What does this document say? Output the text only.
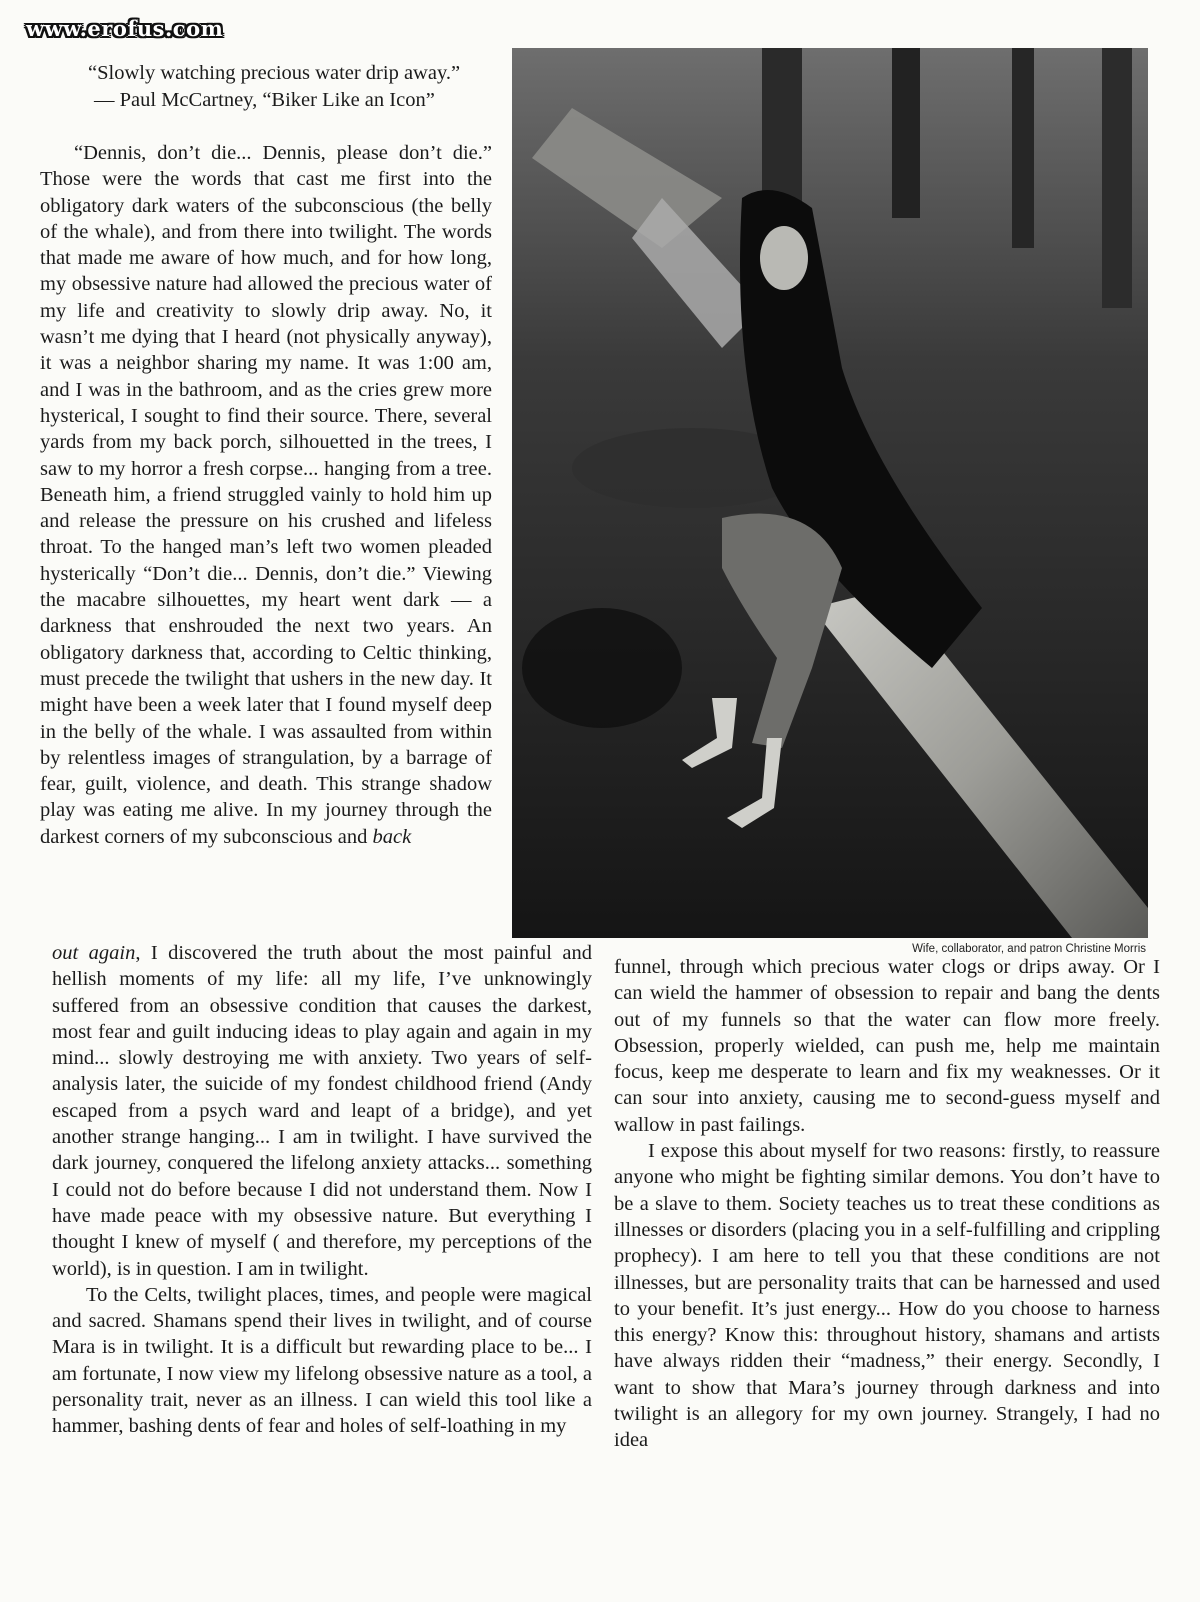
www.erofus.com
“Slowly watching precious water drip away.”
— Paul McCartney, “Biker Like an Icon”

“Dennis, don’t die... Dennis, please don’t die.” Those were the words that cast me first into the obligatory dark waters of the subconscious (the belly of the whale), and from there into twilight. The words that made me aware of how much, and for how long, my obsessive nature had allowed the precious water of my life and creativity to slowly drip away. No, it wasn’t me dying that I heard (not physically anyway), it was a neighbor sharing my name. It was 1:00 am, and I was in the bathroom, and as the cries grew more hysterical, I sought to find their source. There, several yards from my back porch, silhouetted in the trees, I saw to my horror a fresh corpse... hanging from a tree. Beneath him, a friend struggled vainly to hold him up and release the pressure on his crushed and lifeless throat. To the hanged man’s left two women pleaded hysterically “Don’t die... Dennis, don’t die.” Viewing the macabre silhouettes, my heart went dark — a darkness that enshrouded the next two years. An obligatory darkness that, according to Celtic thinking, must precede the twilight that ushers in the new day. It might have been a week later that I found myself deep in the belly of the whale. I was assaulted from within by relentless images of strangulation, by a barrage of fear, guilt, violence, and death. This strange shadow play was eating me alive. In my journey through the darkest corners of my subconscious and back

Wife, collaborator, and patron Christine Morris

out again, I discovered the truth about the most painful and hellish moments of my life: all my life, I’ve unknowingly suffered from an obsessive condition that causes the darkest, most fear and guilt inducing ideas to play again and again in my mind... slowly destroying me with anxiety. Two years of self-analysis later, the suicide of my fondest childhood friend (Andy escaped from a psych ward and leapt of a bridge), and yet another strange hanging... I am in twilight. I have survived the dark journey, conquered the lifelong anxiety attacks... something I could not do before because I did not understand them. Now I have made peace with my obsessive nature. But everything I thought I knew of myself ( and therefore, my perceptions of the world), is in question. I am in twilight.

To the Celts, twilight places, times, and people were magical and sacred. Shamans spend their lives in twilight, and of course Mara is in twilight. It is a difficult but rewarding place to be... I am fortunate, I now view my lifelong obsessive nature as a tool, a personality trait, never as an illness. I can wield this tool like a hammer, bashing dents of fear and holes of self-loathing in my

funnel, through which precious water clogs or drips away. Or I can wield the hammer of obsession to repair and bang the dents out of my funnels so that the water can flow more freely. Obsession, properly wielded, can push me, help me maintain focus, keep me desperate to learn and fix my weaknesses. Or it can sour into anxiety, causing me to second-guess myself and wallow in past failings.

I expose this about myself for two reasons: firstly, to reassure anyone who might be fighting similar demons. You don’t have to be a slave to them. Society teaches us to treat these conditions as illnesses or disorders (placing you in a self-fulfilling and crippling prophecy). I am here to tell you that these conditions are not illnesses, but are personality traits that can be harnessed and used to your benefit. It’s just energy... How do you choose to harness this energy? Know this: throughout history, shamans and artists have always ridden their “madness,” their energy. Secondly, I want to show that Mara’s journey through darkness and into twilight is an allegory for my own journey. Strangely, I had no idea
